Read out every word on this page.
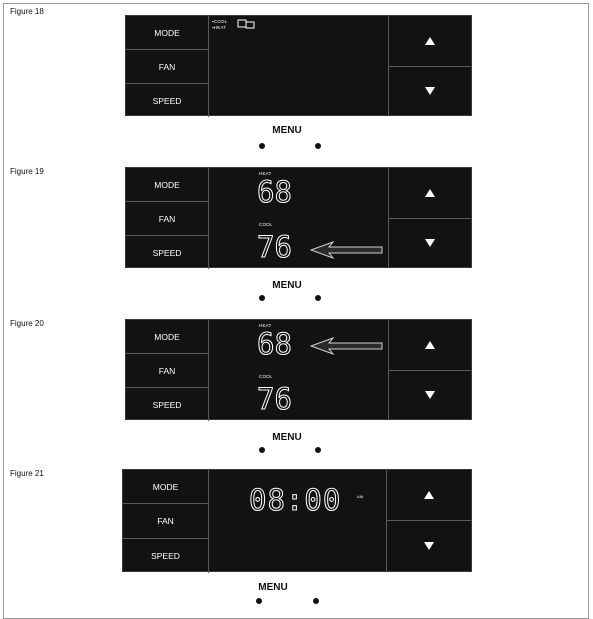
Figure 18
MODE
FAN
SPEED
▪COOL
▪HEAT
MENU
Figure 19
MODE
FAN
SPEED
HEAT
68
COOL
76
MENU
Figure 20
MODE
FAN
SPEED
HEAT
68
COOL
76
MENU
Figure 21
MODE
FAN
SPEED
08:00	AM
MENU
